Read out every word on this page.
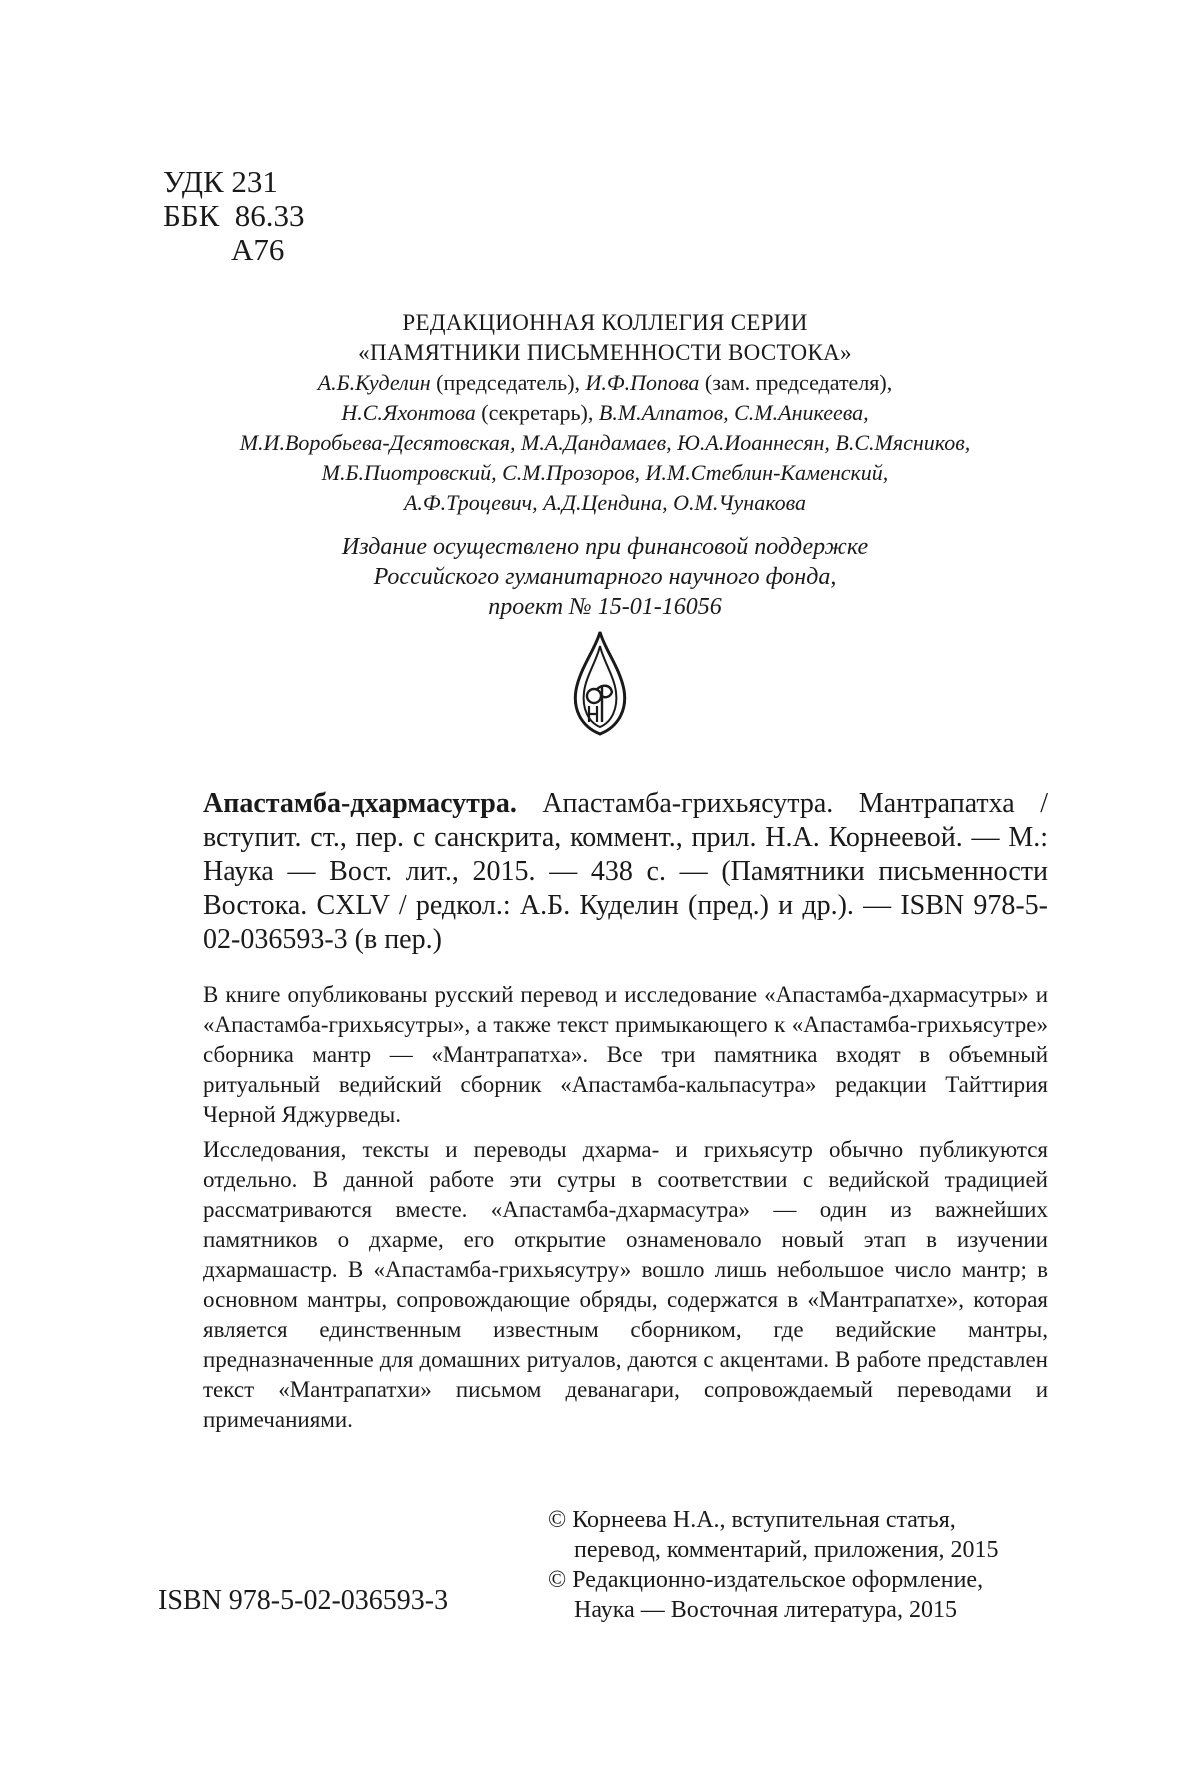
УДК 231
ББК  86.33
А76
РЕДАКЦИОННАЯ КОЛЛЕГИЯ СЕРИИ
«ПАМЯТНИКИ ПИСЬМЕННОСТИ ВОСТОКА»
А.Б.Куделин (председатель), И.Ф.Попова (зам. председателя),
Н.С.Яхонтова (секретарь), В.М.Алпатов, С.М.Аникеева,
М.И.Воробьева-Десятовская, М.А.Дандамаев, Ю.А.Иоаннесян, В.С.Мясников,
М.Б.Пиотровский, С.М.Прозоров, И.М.Стеблин-Каменский,
А.Ф.Троцевич, А.Д.Цендина, О.М.Чунакова
Издание осуществлено при финансовой поддержке
Российского гуманитарного научного фонда,
проект № 15-01-16056
Апастамба-дхармасутра. Апастамба-грихьясутра. Мантрапатха / вступит. ст., пер. с санскрита, коммент., прил. Н.А. Корнеевой. — М.: Наука — Вост. лит., 2015. — 438 с. — (Памятники письменности Востока. CXLV / редкол.: А.Б. Куделин (пред.) и др.). — ISBN 978-5-02-036593-3 (в пер.)

В книге опубликованы русский перевод и исследование «Апастамба-дхармасутры» и «Апастамба-грихьясутры», а также текст примыкающего к «Апастамба-грихьясутре» сборника мантр — «Мантрапатха». Все три памятника входят в объемный ритуальный ведийский сборник «Апастамба-кальпасутра» редакции Тайттирия Черной Яджурведы.

Исследования, тексты и переводы дхарма- и грихьясутр обычно публикуются отдельно. В данной работе эти сутры в соответствии с ведийской традицией рассматриваются вместе. «Апастамба-дхармасутра» — один из важнейших памятников о дхарме, его открытие ознаменовало новый этап в изучении дхармашастр. В «Апастамба-грихьясутру» вошло лишь небольшое число мантр; в основном мантры, сопровождающие обряды, содержатся в «Мантрапатхе», которая является единственным известным сборником, где ведийские мантры, предназначенные для домашних ритуалов, даются с акцентами. В работе представлен текст «Мантрапатхи» письмом деванагари, сопровождаемый переводами и примечаниями.

© Корнеева Н.А., вступительная статья,
перевод, комментарий, приложения, 2015
© Редакционно-издательское оформление,
Наука — Восточная литература, 2015
ISBN 978-5-02-036593-3
